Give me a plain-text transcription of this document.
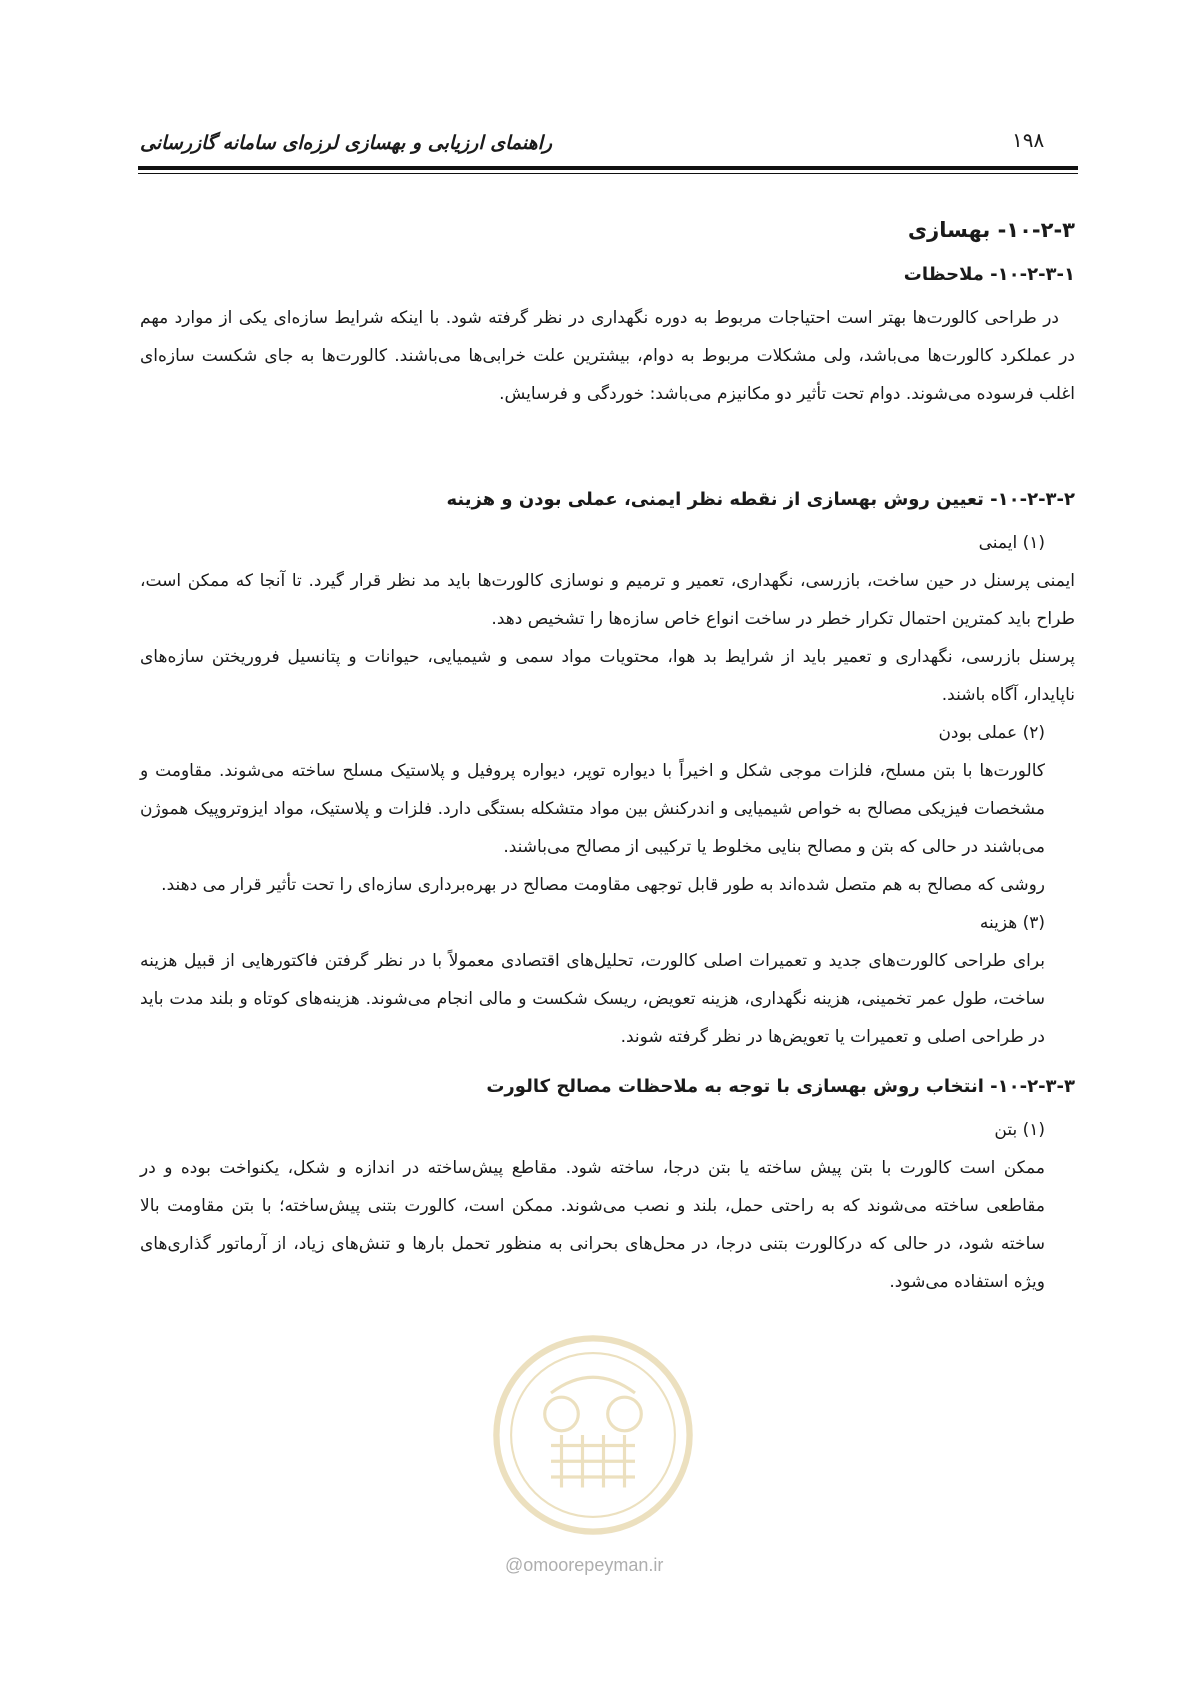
۱۹۸
راهنمای ارزیابی و بهسازی لرزه‌ای سامانه گازرسانی
۱۰-۲-۳- بهسازی
۱۰-۲-۳-۱- ملاحظات

در طراحی کالورت‌ها بهتر است احتیاجات مربوط به دوره نگهداری در نظر گرفته شود. با اینکه شرایط سازه‌ای یکی از موارد مهم در عملکرد کالورت‌ها می‌باشد، ولی مشکلات مربوط به دوام، بیشترین علت خرابی‌ها می‌باشند. کالورت‌ها به جای شکست سازه‌ای اغلب فرسوده می‌شوند. دوام تحت تأثیر دو مکانیزم می‌باشد: خوردگی و فرسایش.

۱۰-۲-۳-۲- تعیین روش بهسازی از نقطه نظر ایمنی، عملی بودن و هزینه
(۱) ایمنی

ایمنی پرسنل در حین ساخت، بازرسی، نگهداری، تعمیر و ترمیم و نوسازی کالورت‌ها باید مد نظر قرار گیرد. تا آنجا که ممکن است، طراح باید کمترین احتمال تکرار خطر در ساخت انواع خاص سازه‌ها را تشخیص دهد.

پرسنل بازرسی، نگهداری و تعمیر باید از شرایط بد هوا، محتویات مواد سمی و شیمیایی، حیوانات و پتانسیل فروریختن سازه‌های ناپایدار، آگاه باشند.

(۲) عملی بودن

کالورت‌ها با بتن مسلح، فلزات موجی شکل و اخیراً با دیواره توپر، دیواره پروفیل و پلاستیک مسلح ساخته می‌شوند. مقاومت و مشخصات فیزیکی مصالح به خواص شیمیایی و اندرکنش بین مواد متشکله بستگی دارد. فلزات و پلاستیک، مواد ایزوتروپیک هموژن می‌باشند در حالی که بتن و مصالح بنایی مخلوط یا ترکیبی از مصالح می‌باشند.

روشی که مصالح به هم متصل شده‌اند به طور قابل توجهی مقاومت مصالح در بهره‌برداری سازه‌ای را تحت تأثیر قرار می دهند.

(۳) هزینه

برای طراحی کالورت‌های جدید و تعمیرات اصلی کالورت، تحلیل‌های اقتصادی معمولاً با در نظر گرفتن فاکتورهایی از قبیل هزینه ساخت، طول عمر تخمینی، هزینه نگهداری، هزینه تعویض، ریسک شکست و مالی انجام می‌شوند. هزینه‌های کوتاه و بلند مدت باید در طراحی اصلی و تعمیرات یا تعویض‌ها در نظر گرفته شوند.

۱۰-۲-۳-۳- انتخاب روش بهسازی با توجه به ملاحظات مصالح کالورت
(۱) بتن

ممکن است کالورت با بتن پیش ساخته یا بتن درجا، ساخته شود. مقاطع پیش‌ساخته در اندازه و شکل، یکنواخت بوده و در مقاطعی ساخته می‌شوند که به راحتی حمل، بلند و نصب می‌شوند. ممکن است، کالورت بتنی پیش‌ساخته؛ با بتن مقاومت بالا ساخته شود، در حالی که درکالورت بتنی درجا، در محل‌های بحرانی به منظور تحمل بارها و تنش‌های زیاد، از آرماتور گذاری‌های ویژه استفاده می‌شود.

@omoorepeyman.ir
